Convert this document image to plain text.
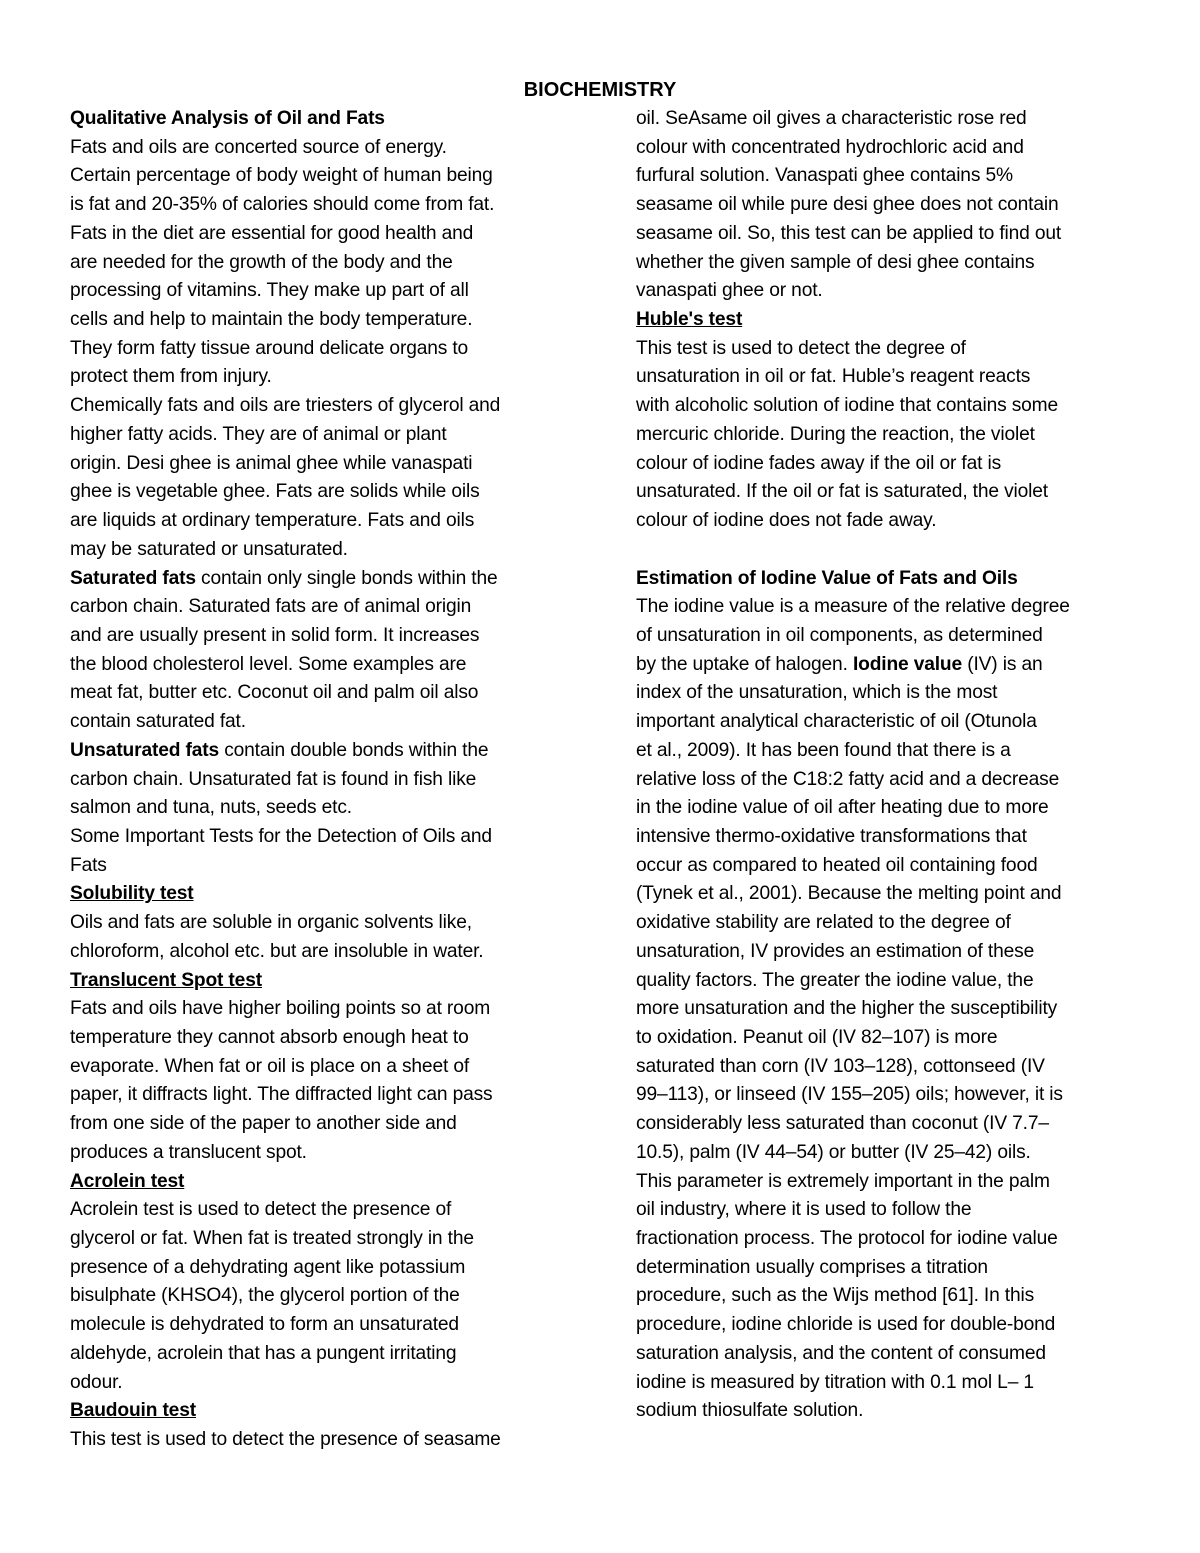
BIOCHEMISTRY
Qualitative Analysis of Oil and Fats
Fats and oils are concerted source of energy.
Certain percentage of body weight of human being
is fat and 20-35% of calories should come from fat.
Fats in the diet are essential for good health and
are needed for the growth of the body and the
processing of vitamins. They make up part of all
cells and help to maintain the body temperature.
They form fatty tissue around delicate organs to
protect them from injury.
Chemically fats and oils are triesters of glycerol and
higher fatty acids. They are of animal or plant
origin. Desi ghee is animal ghee while vanaspati
ghee is vegetable ghee. Fats are solids while oils
are liquids at ordinary temperature. Fats and oils
may be saturated or unsaturated.
Saturated fats contain only single bonds within the
carbon chain. Saturated fats are of animal origin
and are usually present in solid form. It increases
the blood cholesterol level. Some examples are
meat fat, butter etc. Coconut oil and palm oil also
contain saturated fat.
Unsaturated fats contain double bonds within the
carbon chain. Unsaturated fat is found in fish like
salmon and tuna, nuts, seeds etc.
Some Important Tests for the Detection of Oils and
Fats
Solubility test
Oils and fats are soluble in organic solvents like,
chloroform, alcohol etc. but are insoluble in water.
Translucent Spot test
Fats and oils have higher boiling points so at room
temperature they cannot absorb enough heat to
evaporate. When fat or oil is place on a sheet of
paper, it diffracts light. The diffracted light can pass
from one side of the paper to another side and
produces a translucent spot.
Acrolein test
Acrolein test is used to detect the presence of
glycerol or fat. When fat is treated strongly in the
presence of a dehydrating agent like potassium
bisulphate (KHSO4), the glycerol portion of the
molecule is dehydrated to form an unsaturated
aldehyde, acrolein that has a pungent irritating
odour.
Baudouin test
This test is used to detect the presence of seasame
oil. SeAsame oil gives a characteristic rose red
colour with concentrated hydrochloric acid and
furfural solution. Vanaspati ghee contains 5%
seasame oil while pure desi ghee does not contain
seasame oil. So, this test can be applied to find out
whether the given sample of desi ghee contains
vanaspati ghee or not.
Huble's test
This test is used to detect the degree of
unsaturation in oil or fat. Huble’s reagent reacts
with alcoholic solution of iodine that contains some
mercuric chloride. During the reaction, the violet
colour of iodine fades away if the oil or fat is
unsaturated. If the oil or fat is saturated, the violet
colour of iodine does not fade away.
Estimation of Iodine Value of Fats and Oils
The iodine value is a measure of the relative degree
of unsaturation in oil components, as determined
by the uptake of halogen. Iodine value (IV) is an
index of the unsaturation, which is the most
important analytical characteristic of oil (Otunola
et al., 2009). It has been found that there is a
relative loss of the C18:2 fatty acid and a decrease
in the iodine value of oil after heating due to more
intensive thermo-oxidative transformations that
occur as compared to heated oil containing food
(Tynek et al., 2001). Because the melting point and
oxidative stability are related to the degree of
unsaturation, IV provides an estimation of these
quality factors. The greater the iodine value, the
more unsaturation and the higher the susceptibility
to oxidation. Peanut oil (IV 82–107) is more
saturated than corn (IV 103–128), cottonseed (IV
99–113), or linseed (IV 155–205) oils; however, it is
considerably less saturated than coconut (IV 7.7–
10.5), palm (IV 44–54) or butter (IV 25–42) oils.
This parameter is extremely important in the palm
oil industry, where it is used to follow the
fractionation process. The protocol for iodine value
determination usually comprises a titration
procedure, such as the Wijs method [61]. In this
procedure, iodine chloride is used for double-bond
saturation analysis, and the content of consumed
iodine is measured by titration with 0.1 mol L– 1
sodium thiosulfate solution.
